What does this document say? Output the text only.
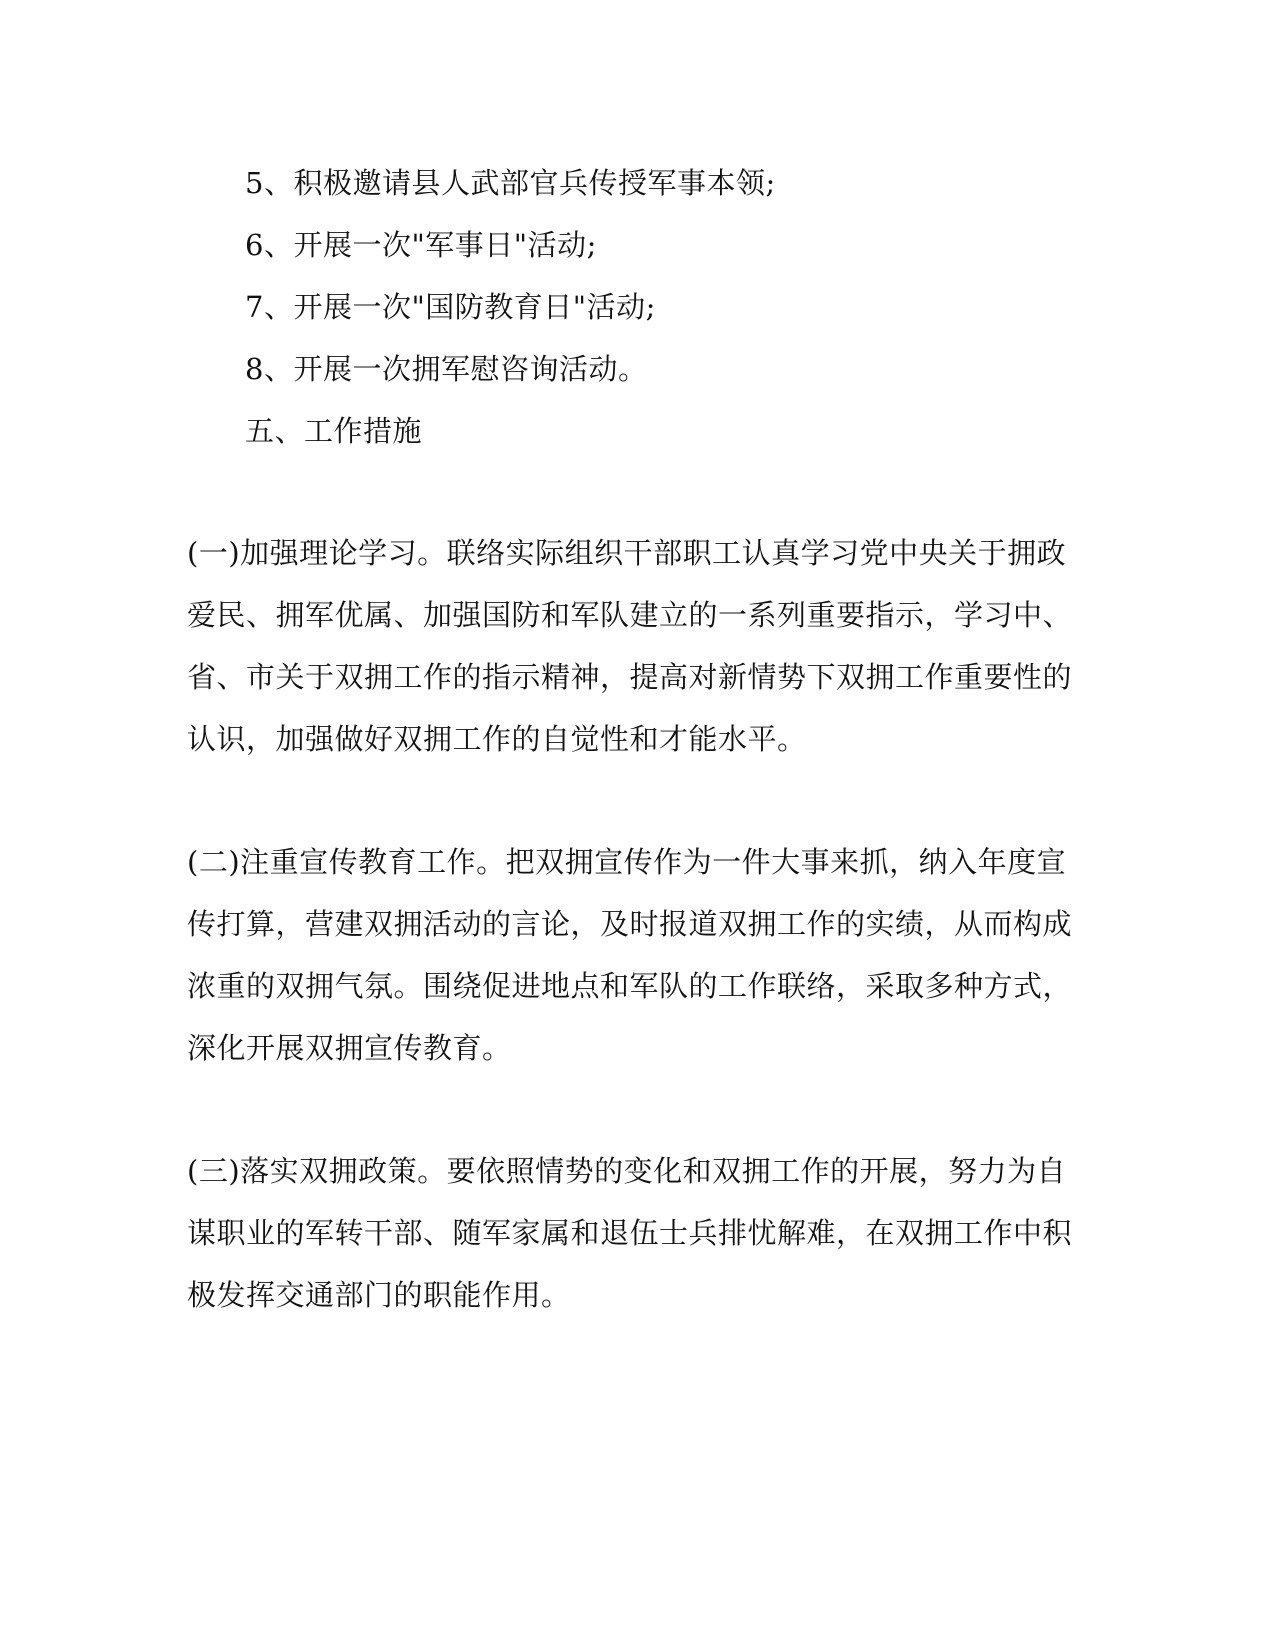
5、积极邀请县人武部官兵传授军事本领;
6、开展一次"军事日"活动;
7、开展一次"国防教育日"活动;
8、开展一次拥军慰咨询活动。
五、工作措施
(一)加强理论学习。联络实际组织干部职工认真学习党中央关于拥政
爱民、拥军优属、加强国防和军队建立的一系列重要指示，学习中、
省、市关于双拥工作的指示精神，提高对新情势下双拥工作重要性的
认识，加强做好双拥工作的自觉性和才能水平。
(二)注重宣传教育工作。把双拥宣传作为一件大事来抓，纳入年度宣
传打算，营建双拥活动的言论，及时报道双拥工作的实绩，从而构成
浓重的双拥气氛。围绕促进地点和军队的工作联络，采取多种方式，
深化开展双拥宣传教育。
(三)落实双拥政策。要依照情势的变化和双拥工作的开展，努力为自
谋职业的军转干部、随军家属和退伍士兵排忧解难，在双拥工作中积
极发挥交通部门的职能作用。
